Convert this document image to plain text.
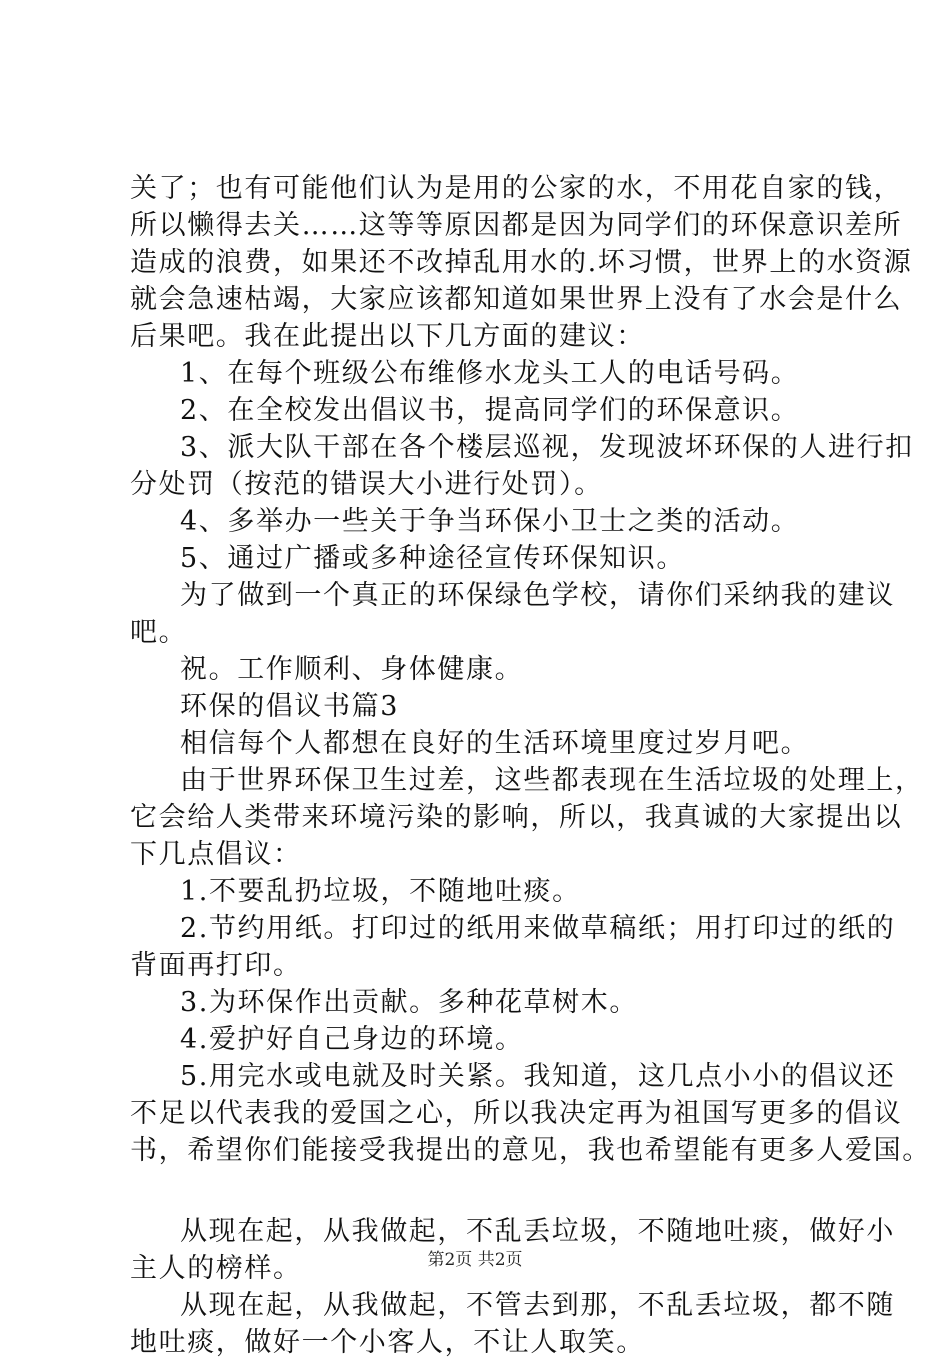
关了；也有可能他们认为是用的公家的水，不用花自家的钱，
所以懒得去关……这等等原因都是因为同学们的环保意识差所
造成的浪费，如果还不改掉乱用水的.坏习惯，世界上的水资源
就会急速枯竭，大家应该都知道如果世界上没有了水会是什么
后果吧。我在此提出以下几方面的建议：
1、在每个班级公布维修水龙头工人的电话号码。
2、在全校发出倡议书，提高同学们的环保意识。
3、派大队干部在各个楼层巡视，发现波坏环保的人进行扣
分处罚（按范的错误大小进行处罚）。
4、多举办一些关于争当环保小卫士之类的活动。
5、通过广播或多种途径宣传环保知识。
为了做到一个真正的环保绿色学校，请你们采纳我的建议
吧。
祝。工作顺利、身体健康。
环保的倡议书篇3
相信每个人都想在良好的生活环境里度过岁月吧。
由于世界环保卫生过差，这些都表现在生活垃圾的处理上，
它会给人类带来环境污染的影响，所以，我真诚的大家提出以
下几点倡议：
1.不要乱扔垃圾，不随地吐痰。
2.节约用纸。打印过的纸用来做草稿纸；用打印过的纸的
背面再打印。
3.为环保作出贡献。多种花草树木。
4.爱护好自己身边的环境。
5.用完水或电就及时关紧。我知道，这几点小小的倡议还
不足以代表我的爱国之心，所以我决定再为祖国写更多的倡议
书，希望你们能接受我提出的意见，我也希望能有更多人爱国。
从现在起，从我做起，不乱丢垃圾，不随地吐痰，做好小
主人的榜样。
从现在起，从我做起，不管去到那，不乱丢垃圾，都不随
地吐痰，做好一个小客人，不让人取笑。
第2页 共2页
